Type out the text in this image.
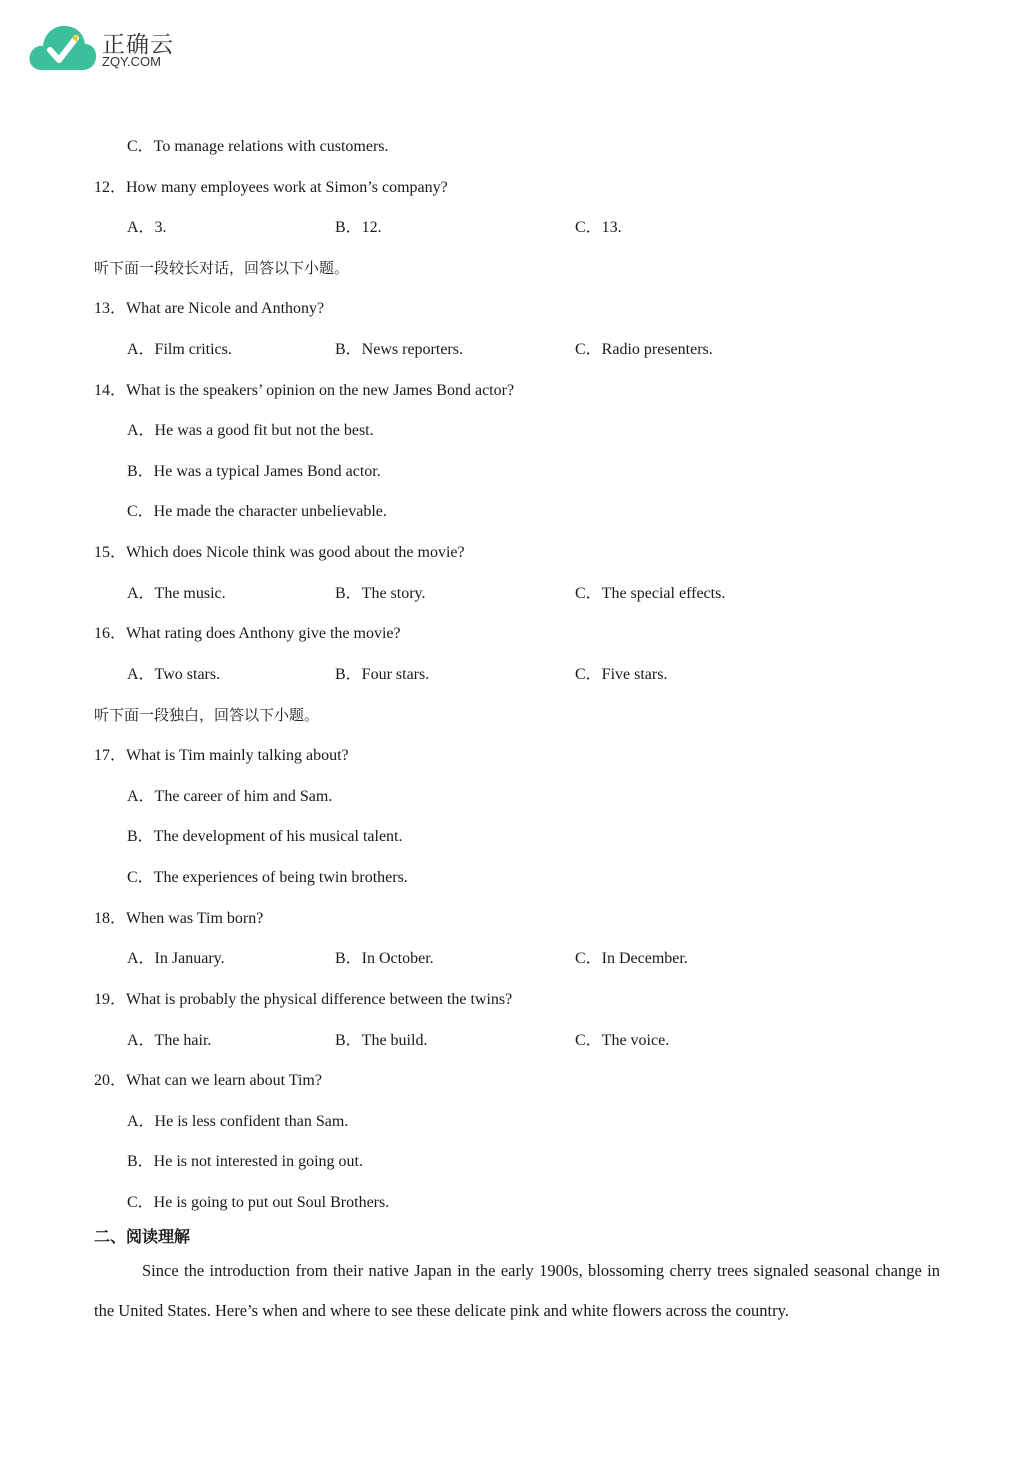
正确云
ZQY.COM
C．To manage relations with customers.
12．How many employees work at Simon’s company?
A．3.	B．12.	C．13.
听下面一段较长对话，回答以下小题。
13．What are Nicole and Anthony?
A．Film critics.	B．News reporters.	C．Radio presenters.
14．What is the speakers’ opinion on the new James Bond actor?
A．He was a good fit but not the best.
B．He was a typical James Bond actor.
C．He made the character unbelievable.
15．Which does Nicole think was good about the movie?
A．The music.	B．The story.	C．The special effects.
16．What rating does Anthony give the movie?
A．Two stars.	B．Four stars.	C．Five stars.
听下面一段独白，回答以下小题。
17．What is Tim mainly talking about?
A．The career of him and Sam.
B．The development of his musical talent.
C．The experiences of being twin brothers.
18．When was Tim born?
A．In January.	B．In October.	C．In December.
19．What is probably the physical difference between the twins?
A．The hair.	B．The build.	C．The voice.
20．What can we learn about Tim?
A．He is less confident than Sam.
B．He is not interested in going out.
C．He is going to put out Soul Brothers.
二、阅读理解
Since the introduction from their native Japan in the early 1900s, blossoming cherry trees signaled seasonal change in the United States. Here’s when and where to see these delicate pink and white flowers across the country.
